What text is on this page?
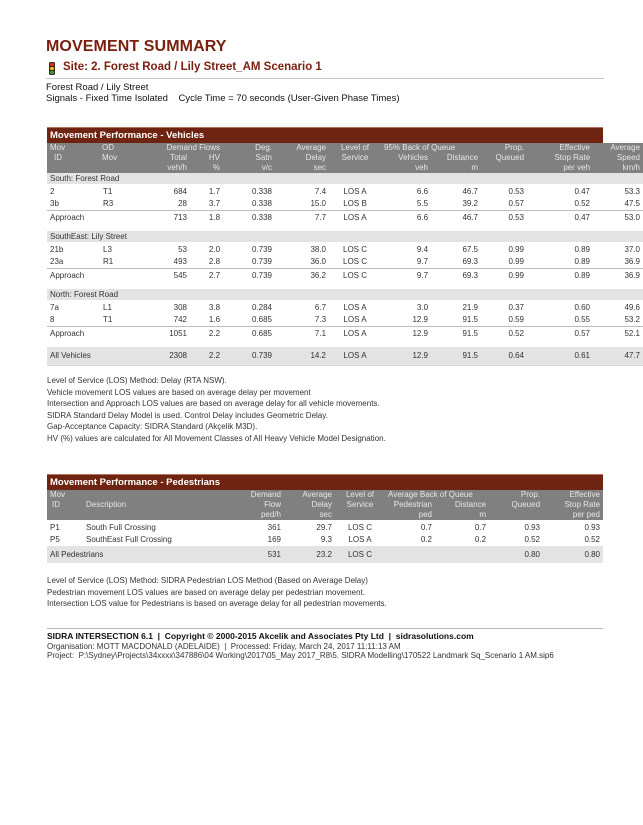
MOVEMENT SUMMARY
Site: 2. Forest Road / Lily Street_AM Scenario 1
Forest Road / Lily Street
Signals - Fixed Time Isolated    Cycle Time = 70 seconds (User-Given Phase Times)
Movement Performance - Vehicles
Mov	OD	Demand Flows		Deg.	Average	Level of	95% Back of Queue		Prop.	Effective	Average
ID	Mov	Total	HV	Satn	Delay	Service	Vehicles	Distance	Queued	Stop Rate	Speed
		veh/h	%	v/c	sec		veh	m		per veh	km/h
South: Forest Road											
2	T1	684	1.7	0.338	7.4	LOS A	6.6	46.7	0.53	0.47	53.3
3b	R3	28	3.7	0.338	15.0	LOS B	5.5	39.2	0.57	0.52	47.5
Approach		713	1.8	0.338	7.7	LOS A	6.6	46.7	0.53	0.47	53.0

SouthEast: Lily Street											
21b	L3	53	2.0	0.739	38.0	LOS C	9.4	67.5	0.99	0.89	37.0
23a	R1	493	2.8	0.739	36.0	LOS C	9.7	69.3	0.99	0.89	36.9
Approach		545	2.7	0.739	36.2	LOS C	9.7	69.3	0.99	0.89	36.9

North: Forest Road											
7a	L1	308	3.8	0.284	6.7	LOS A	3.0	21.9	0.37	0.60	49.6
8	T1	742	1.6	0.685	7.3	LOS A	12.9	91.5	0.59	0.55	53.2
Approach		1051	2.2	0.685	7.1	LOS A	12.9	91.5	0.52	0.57	52.1

All Vehicles		2308	2.2	0.739	14.2	LOS A	12.9	91.5	0.64	0.61	47.7
Level of Service (LOS) Method: Delay (RTA NSW).
Vehicle movement LOS values are based on average delay per movement
Intersection and Approach LOS values are based on average delay for all vehicle movements.
SIDRA Standard Delay Model is used. Control Delay includes Geometric Delay.
Gap-Acceptance Capacity: SIDRA Standard (Akçelik M3D).
HV (%) values are calculated for All Movement Classes of All Heavy Vehicle Model Designation.
Movement Performance - Pedestrians
Mov		Demand	Average	Level of	Average Back of Queue		Prop.	Effective
ID	Description	Flow	Delay	Service	Pedestrian	Distance	Queued	Stop Rate
		ped/h	sec		ped	m		per ped
P1	South Full Crossing	361	29.7	LOS C	0.7	0.7	0.93	0.93
P5	SouthEast Full Crossing	169	9.3	LOS A	0.2	0.2	0.52	0.52
All Pedestrians		531	23.2	LOS C			0.80	0.80
Level of Service (LOS) Method: SIDRA Pedestrian LOS Method (Based on Average Delay)
Pedestrian movement LOS values are based on average delay per pedestrian movement.
Intersection LOS value for Pedestrians is based on average delay for all pedestrian movements.
SIDRA INTERSECTION 6.1  |  Copyright © 2000-2015 Akcelik and Associates Pty Ltd  |  sidrasolutions.com
Organisation: MOTT MACDONALD (ADELAIDE)  |  Processed: Friday, March 24, 2017 11:11:13 AM
Project:  P:\Sydney\Projects\34xxxx\347886\04 Working\2017\05_May 2017_R8\5. SIDRA Modelling\170522 Landmark Sq_Scenario 1 AM.sip6
